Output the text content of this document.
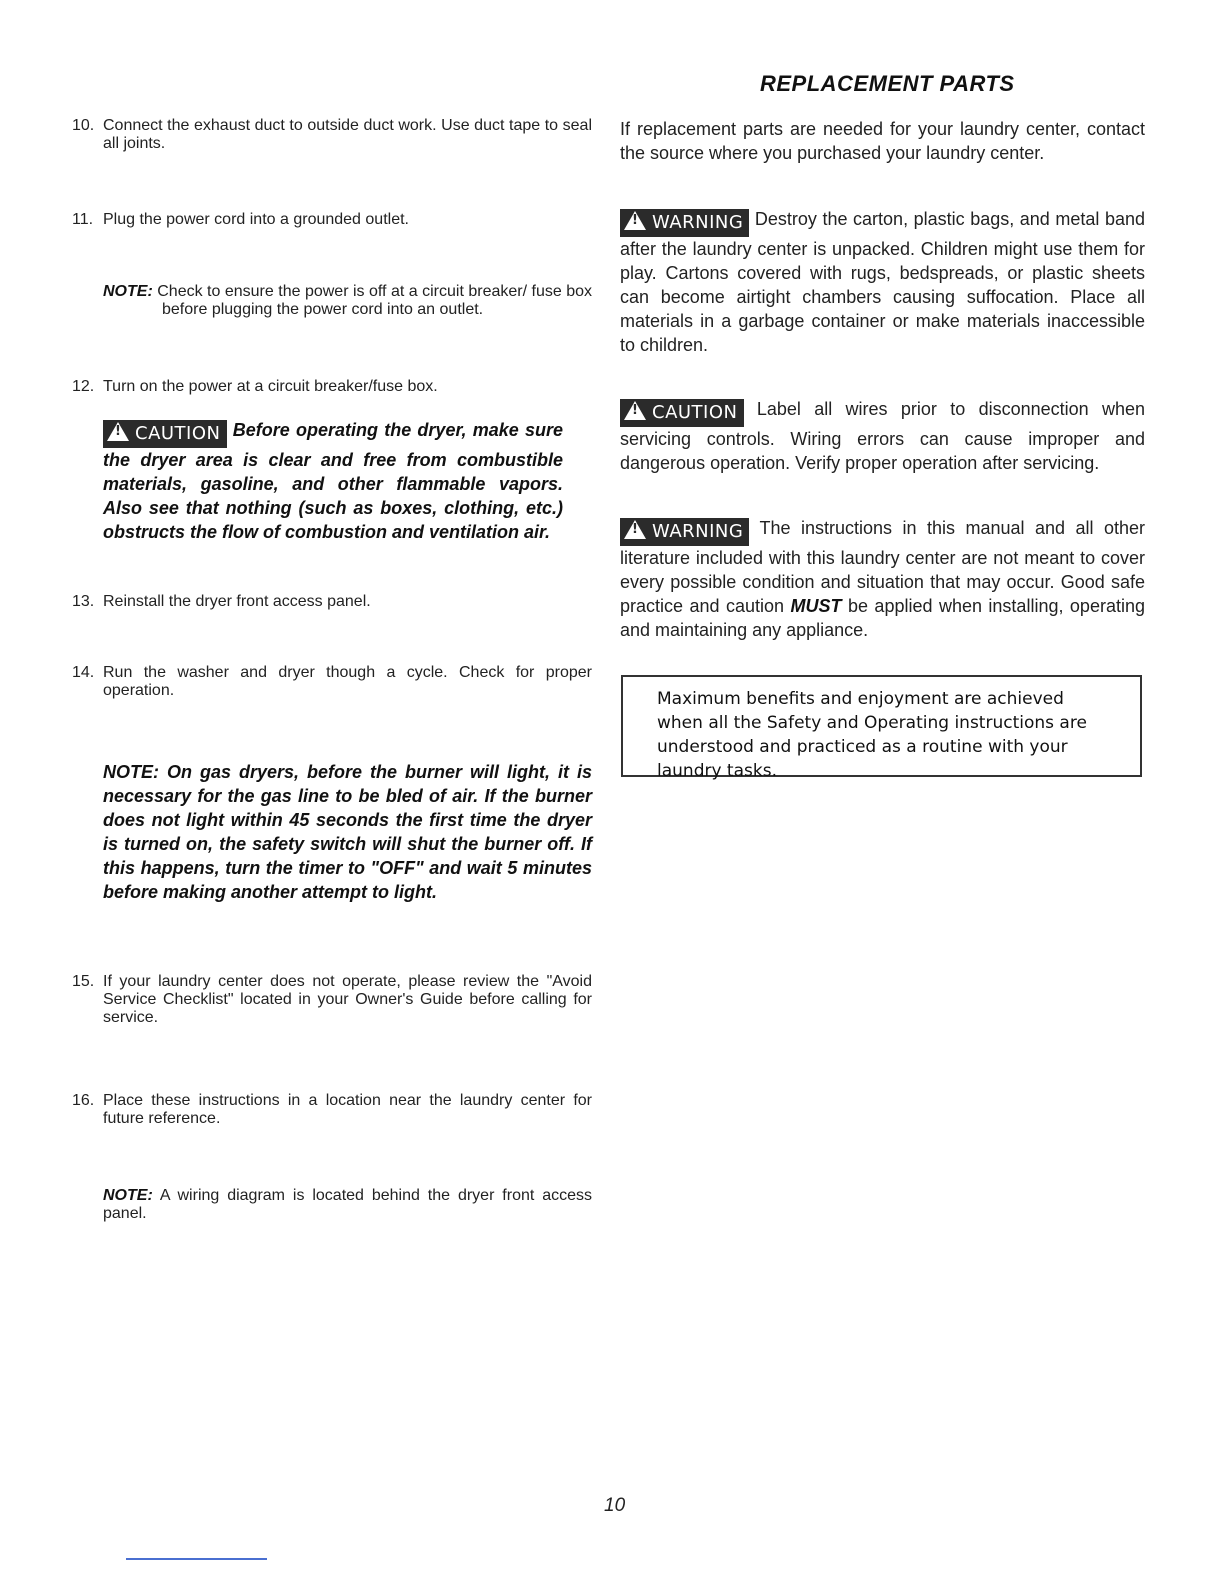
10. Connect the exhaust duct to outside duct work. Use duct tape to seal all joints.
11. Plug the power cord into a grounded outlet.
NOTE: Check to ensure the power is off at a circuit breaker/ fuse box before plugging the power cord into an outlet.
12. Turn on the power at a circuit breaker/fuse box.
!CAUTION Before operating the dryer, make sure the dryer area is clear and free from combustible materials, gasoline, and other flammable vapors. Also see that nothing (such as boxes, clothing, etc.) obstructs the flow of combustion and ventilation air.
13. Reinstall the dryer front access panel.
14. Run the washer and dryer though a cycle. Check for proper operation.
NOTE: On gas dryers, before the burner will light, it is necessary for the gas line to be bled of air. If the burner does not light within 45 seconds the first time the dryer is turned on, the safety switch will shut the burner off. If this happens, turn the timer to "OFF" and wait 5 minutes before making another attempt to light.
15. If your laundry center does not operate, please review the "Avoid Service Checklist" located in your Owner's Guide before calling for service.
16. Place these instructions in a location near the laundry center for future reference.
NOTE: A wiring diagram is located behind the dryer front access panel.
REPLACEMENT PARTS
If replacement parts are needed for your laundry center, contact the source where you purchased your laundry center.
!WARNING Destroy the carton, plastic bags, and metal band after the laundry center is unpacked. Children might use them for play. Cartons covered with rugs, bedspreads, or plastic sheets can become airtight chambers causing suffocation. Place all materials in a garbage container or make materials inaccessible to children.
!CAUTION Label all wires prior to disconnection when servicing controls. Wiring errors can cause improper and dangerous operation. Verify proper operation after servicing.
!WARNING The instructions in this manual and all other literature included with this laundry center are not meant to cover every possible condition and situation that may occur. Good safe practice and caution MUST be applied when installing, operating and maintaining any appliance.

Maximum benefits and enjoyment are achieved when all the Safety and Operating instructions are understood and practiced as a routine with your laundry tasks.

10
